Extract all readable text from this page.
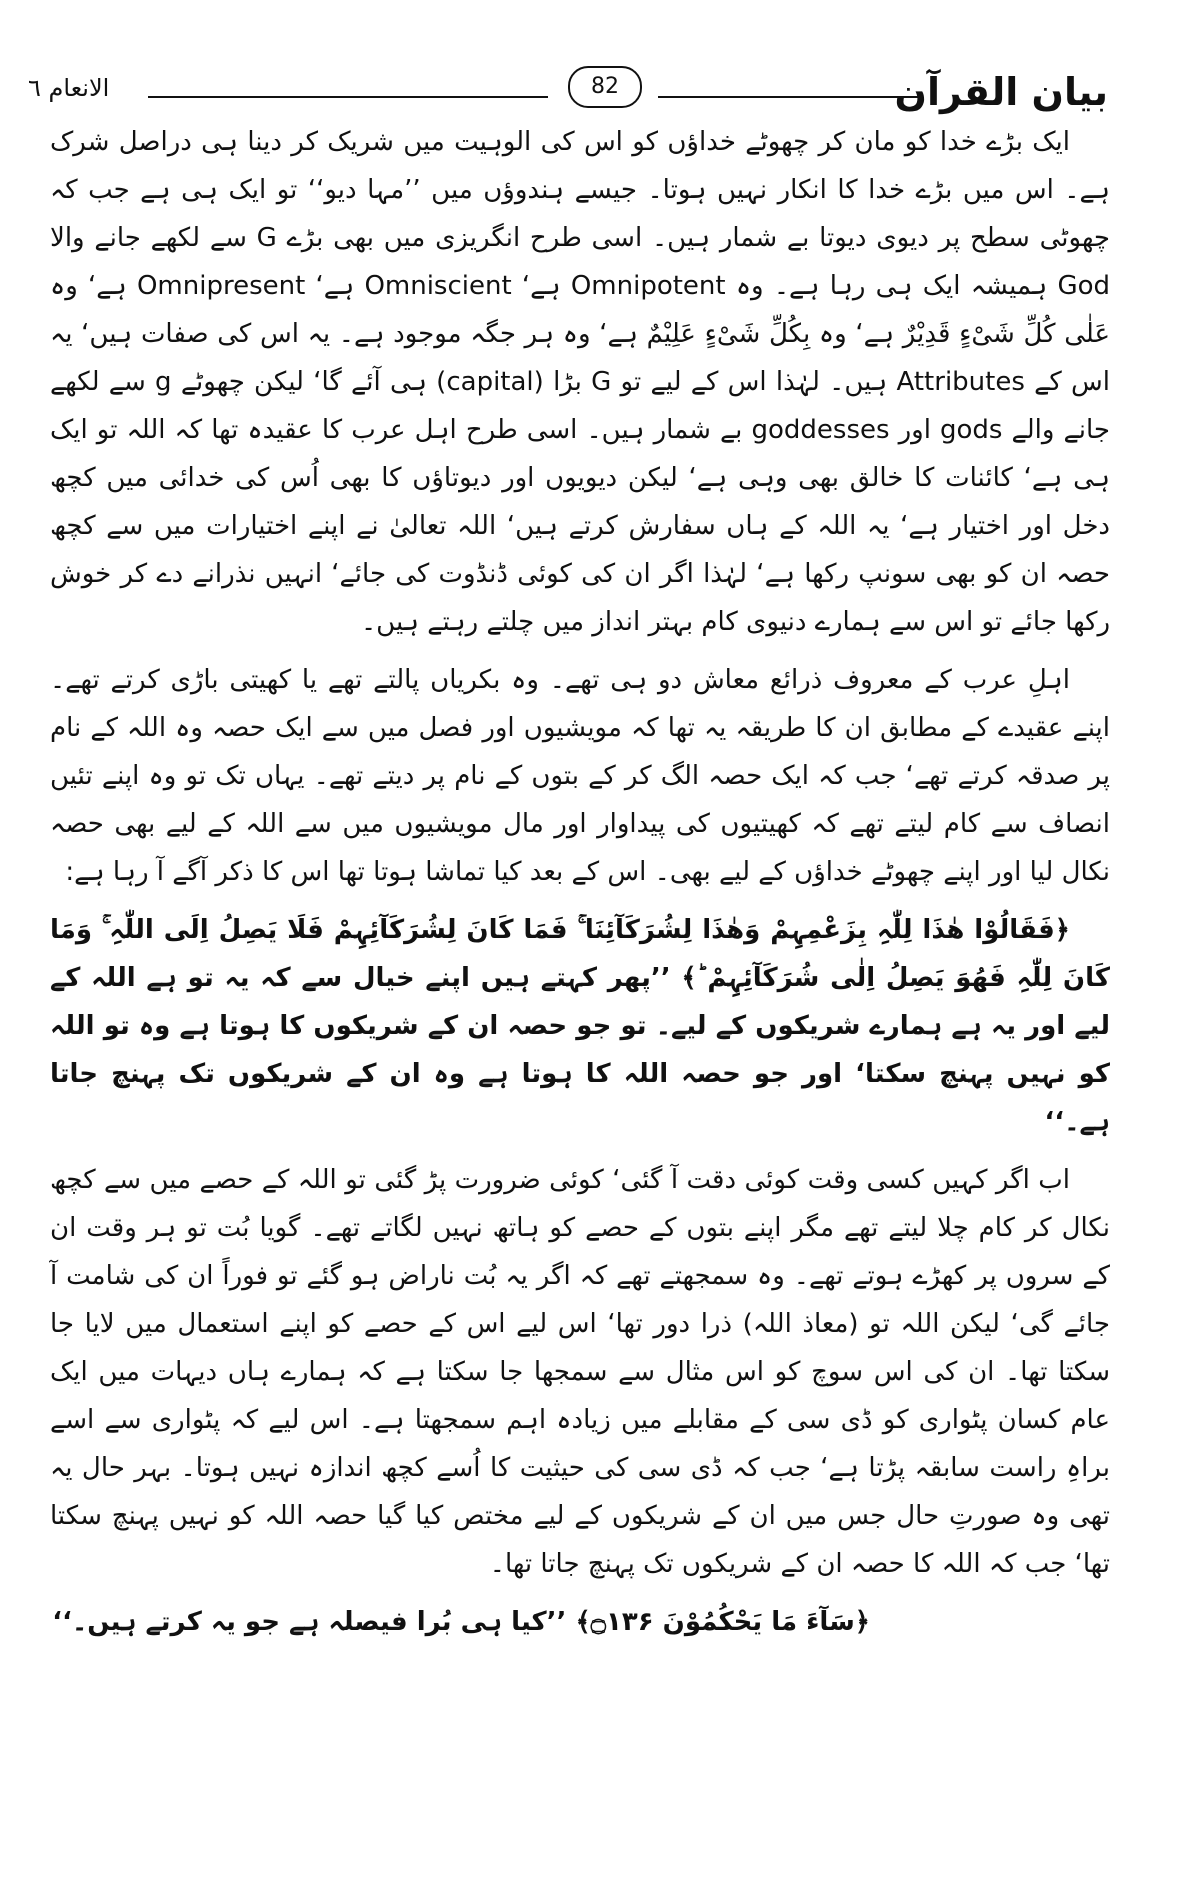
الانعام ٦	82	بیان القرآن

ایک بڑے خدا کو مان کر چھوٹے خداؤں کو اس کی الوہیت میں شریک کر دینا ہی دراصل شرک ہے۔ اس میں بڑے خدا کا انکار نہیں ہوتا۔ جیسے ہندوؤں میں ’’مہا دیو‘‘ تو ایک ہی ہے جب کہ چھوٹی سطح پر دیوی دیوتا بے شمار ہیں۔ اسی طرح انگریزی میں بھی بڑے G سے لکھے جانے والا God ہمیشہ ایک ہی رہا ہے۔ وہ Omnipotent ہے‘ Omniscient ہے‘ Omnipresent ہے‘ وہ عَلٰی کُلِّ شَیْءٍ قَدِیْرٌ ہے‘ وہ بِکُلِّ شَیْءٍ عَلِیْمٌ ہے‘ وہ ہر جگہ موجود ہے۔ یہ اس کی صفات ہیں‘ یہ اس کے Attributes ہیں۔ لہٰذا اس کے لیے تو G بڑا (capital) ہی آئے گا‘ لیکن چھوٹے g سے لکھے جانے والے gods اور goddesses بے شمار ہیں۔ اسی طرح اہل عرب کا عقیدہ تھا کہ اللہ تو ایک ہی ہے‘ کائنات کا خالق بھی وہی ہے‘ لیکن دیویوں اور دیوتاؤں کا بھی اُس کی خدائی میں کچھ دخل اور اختیار ہے‘ یہ اللہ کے ہاں سفارش کرتے ہیں‘ اللہ تعالیٰ نے اپنے اختیارات میں سے کچھ حصہ ان کو بھی سونپ رکھا ہے‘ لہٰذا اگر ان کی کوئی ڈنڈوت کی جائے‘ انہیں نذرانے دے کر خوش رکھا جائے تو اس سے ہمارے دنیوی کام بہتر انداز میں چلتے رہتے ہیں۔

اہلِ عرب کے معروف ذرائع معاش دو ہی تھے۔ وہ بکریاں پالتے تھے یا کھیتی باڑی کرتے تھے۔ اپنے عقیدے کے مطابق ان کا طریقہ یہ تھا کہ مویشیوں اور فصل میں سے ایک حصہ وہ اللہ کے نام پر صدقہ کرتے تھے‘ جب کہ ایک حصہ الگ کر کے بتوں کے نام پر دیتے تھے۔ یہاں تک تو وہ اپنے تئیں انصاف سے کام لیتے تھے کہ کھیتیوں کی پیداوار اور مال مویشیوں میں سے اللہ کے لیے بھی حصہ نکال لیا اور اپنے چھوٹے خداؤں کے لیے بھی۔ اس کے بعد کیا تماشا ہوتا تھا اس کا ذکر آگے آ رہا ہے:

﴿فَقَالُوْا ھٰذَا لِلّٰہِ بِزَعْمِہِمْ وَھٰذَا لِشُرَکَآئِنَا ۚ فَمَا کَانَ لِشُرَکَآئِہِمْ فَلَا یَصِلُ اِلَی اللّٰہِ ۚ وَمَا کَانَ لِلّٰہِ فَھُوَ یَصِلُ اِلٰی شُرَکَآئِہِمْ ؕ﴾ ’’پھر کہتے ہیں اپنے خیال سے کہ یہ تو ہے اللہ کے لیے اور یہ ہے ہمارے شریکوں کے لیے۔ تو جو حصہ ان کے شریکوں کا ہوتا ہے وہ تو اللہ کو نہیں پہنچ سکتا‘ اور جو حصہ اللہ کا ہوتا ہے وہ ان کے شریکوں تک پہنچ جاتا ہے۔‘‘

اب اگر کہیں کسی وقت کوئی دقت آ گئی‘ کوئی ضرورت پڑ گئی تو اللہ کے حصے میں سے کچھ نکال کر کام چلا لیتے تھے مگر اپنے بتوں کے حصے کو ہاتھ نہیں لگاتے تھے۔ گویا بُت تو ہر وقت ان کے سروں پر کھڑے ہوتے تھے۔ وہ سمجھتے تھے کہ اگر یہ بُت ناراض ہو گئے تو فوراً ان کی شامت آ جائے گی‘ لیکن اللہ تو (معاذ اللہ) ذرا دور تھا‘ اس لیے اس کے حصے کو اپنے استعمال میں لایا جا سکتا تھا۔ ان کی اس سوچ کو اس مثال سے سمجھا جا سکتا ہے کہ ہمارے ہاں دیہات میں ایک عام کسان پٹواری کو ڈی سی کے مقابلے میں زیادہ اہم سمجھتا ہے۔ اس لیے کہ پٹواری سے اسے براہِ راست سابقہ پڑتا ہے‘ جب کہ ڈی سی کی حیثیت کا اُسے کچھ اندازہ نہیں ہوتا۔ بہر حال یہ تھی وہ صورتِ حال جس میں ان کے شریکوں کے لیے مختص کیا گیا حصہ اللہ کو نہیں پہنچ سکتا تھا‘ جب کہ اللہ کا حصہ ان کے شریکوں تک پہنچ جاتا تھا۔

﴿سَآءَ مَا یَحْکُمُوْنَ ۝۱۳۶﴾ ’’کیا ہی بُرا فیصلہ ہے جو یہ کرتے ہیں۔‘‘
